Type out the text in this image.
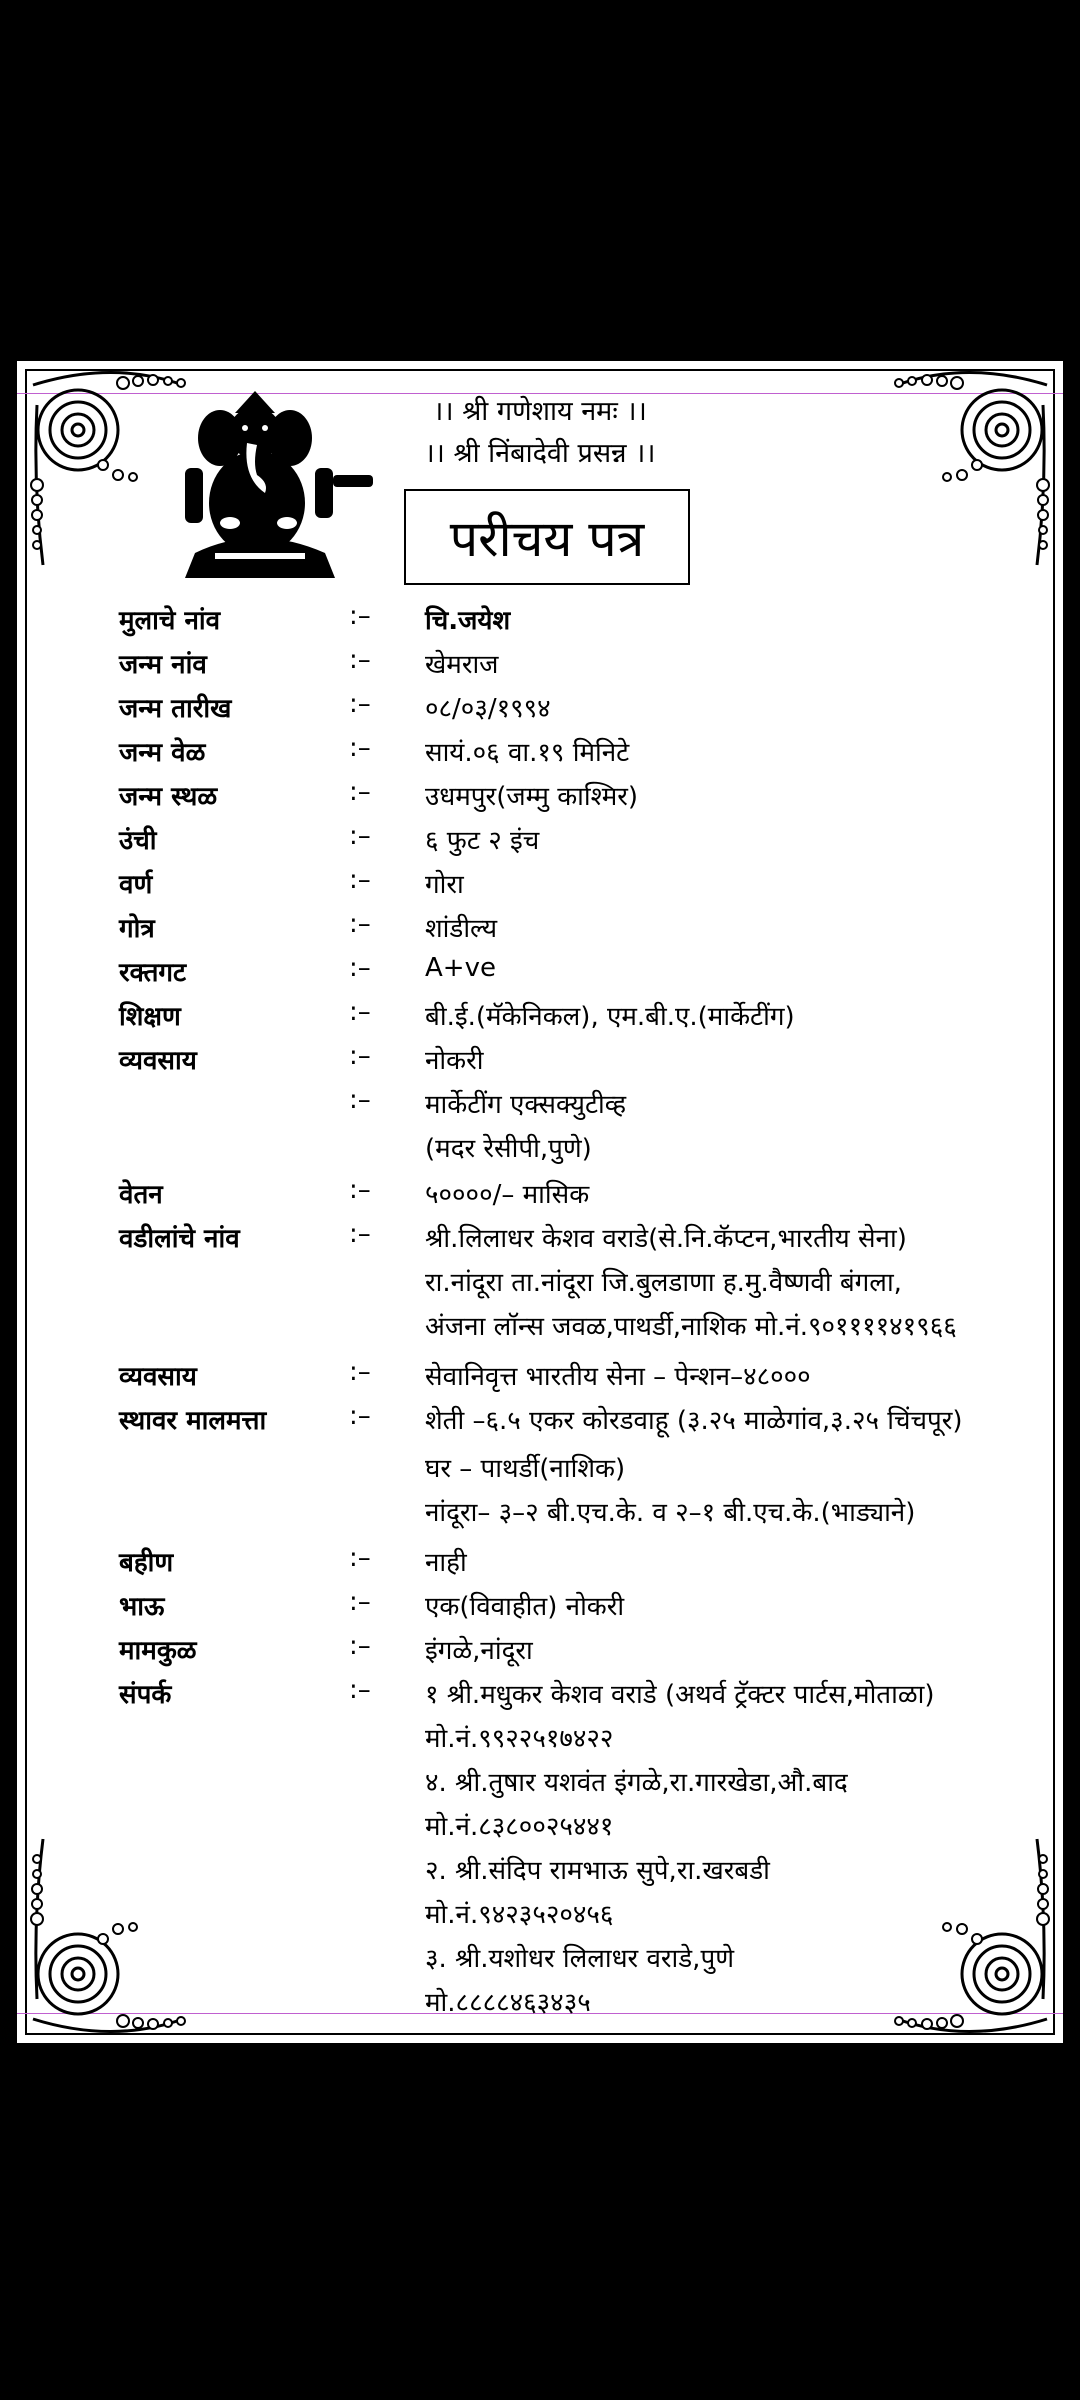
।। श्री गणेशाय नमः ।।
।। श्री निंबादेवी प्रसन्न ।।
परीचय पत्र
मुलाचे नांव	:– चि.जयेश
जन्म नांव	:– खेमराज
जन्म तारीख	:– ०८/०३/१९९४
जन्म वेळ	:– सायं.०६ वा.१९ मिनिटे
जन्म स्थळ	:– उधमपुर(जम्मु काश्मिर)
उंची	:– ६ फुट २ इंच
वर्ण	:– गोरा
गोत्र	:– शांडील्य
रक्तगट	:– A+ve
शिक्षण	:– बी.ई.(मॅकेनिकल), एम.बी.ए.(मार्केटींग)
व्यवसाय	:– नोकरी
:– मार्केटींग एक्सक्युटीव्ह
(मदर रेसीपी,पुणे)
वेतन	:– ५००००/– मासिक
वडीलांचे नांव	:– श्री.लिलाधर केशव वराडे(से.नि.कॅप्टन,भारतीय सेना)
रा.नांदूरा ता.नांदूरा जि.बुलडाणा ह.मु.वैष्णवी बंगला,
अंजना लॉन्स जवळ,पाथर्डी,नाशिक मो.नं.९०११११४१९६६
व्यवसाय	:– सेवानिवृत्त भारतीय सेना – पेन्शन–४८०००
स्थावर मालमत्ता	:– शेती –६.५ एकर कोरडवाहू (३.२५ माळेगांव,३.२५ चिंचपूर)
घर – पाथर्डी(नाशिक)
नांदूरा– ३–२ बी.एच.के. व २–१ बी.एच.के.(भाड्याने)
बहीण	:– नाही
भाऊ	:– एक(विवाहीत) नोकरी
मामकुळ	:– इंगळे,नांदूरा
संपर्क	:– १ श्री.मधुकर केशव वराडे (अथर्व ट्रॅक्टर पार्टस,मोताळा)
मो.नं.९९२२५१७४२२
४. श्री.तुषार यशवंत इंगळे,रा.गारखेडा,औ.बाद
मो.नं.८३८००२५४४१
२. श्री.संदिप रामभाऊ सुपे,रा.खरबडी
मो.नं.९४२३५२०४५६
३. श्री.यशोधर लिलाधर वराडे,पुणे
मो.८८८८४६३४३५
